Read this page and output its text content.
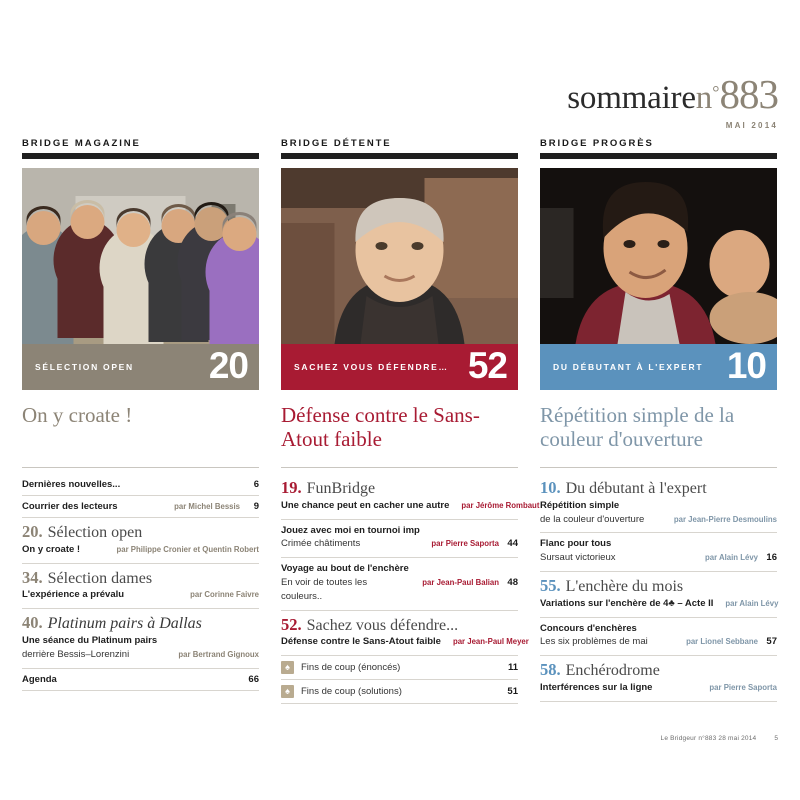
sommairen°883
MAI 2014
BRIDGE MAGAZINE
SÉLECTION OPEN 20
On y croate !
Dernières nouvelles...	6
Courrier des lecteurs	par Michel Bessis	9
20. Sélection open
On y croate !	par Philippe Cronier et Quentin Robert
34. Sélection dames
L'expérience a prévalu	par Corinne Faivre
40. Platinum pairs à Dallas
Une séance du Platinum pairs
derrière Bessis–Lorenzini	par Bertrand Gignoux
Agenda	66
BRIDGE DÉTENTE
SACHEZ VOUS DÉFENDRE… 52
Défense contre le Sans-Atout faible
19. FunBridge
Une chance peut en cacher une autre par Jérôme Rombaut
Jouez avec moi en tournoi imp
Crimée châtiments	par Pierre Saporta 44
Voyage au bout de l'enchère
En voir de toutes les couleurs..
par Jean-Paul Balian 48
52. Sachez vous défendre...
Défense contre le Sans-Atout faible par Jean-Paul Meyer
♠ Fins de coup (énoncés)	11
♠ Fins de coup (solutions)	51
BRIDGE PROGRÈS
DU DÉBUTANT À L'EXPERT 10
Répétition simple de la couleur d'ouverture
10. Du débutant à l'expert
Répétition simple
de la couleur d'ouverture	par Jean-Pierre Desmoulins
Flanc pour tous
Sursaut victorieux	par Alain Lévy 16
55. L'enchère du mois
Variations sur l'enchère de 4♣ – Acte II par Alain Lévy
Concours d'enchères
Les six problèmes de mai	par Lionel Sebbane 57
58. Enchérodrome
Interférences sur la ligne	par Pierre Saporta
Le Bridgeur n°883 28 mai 2014	5
